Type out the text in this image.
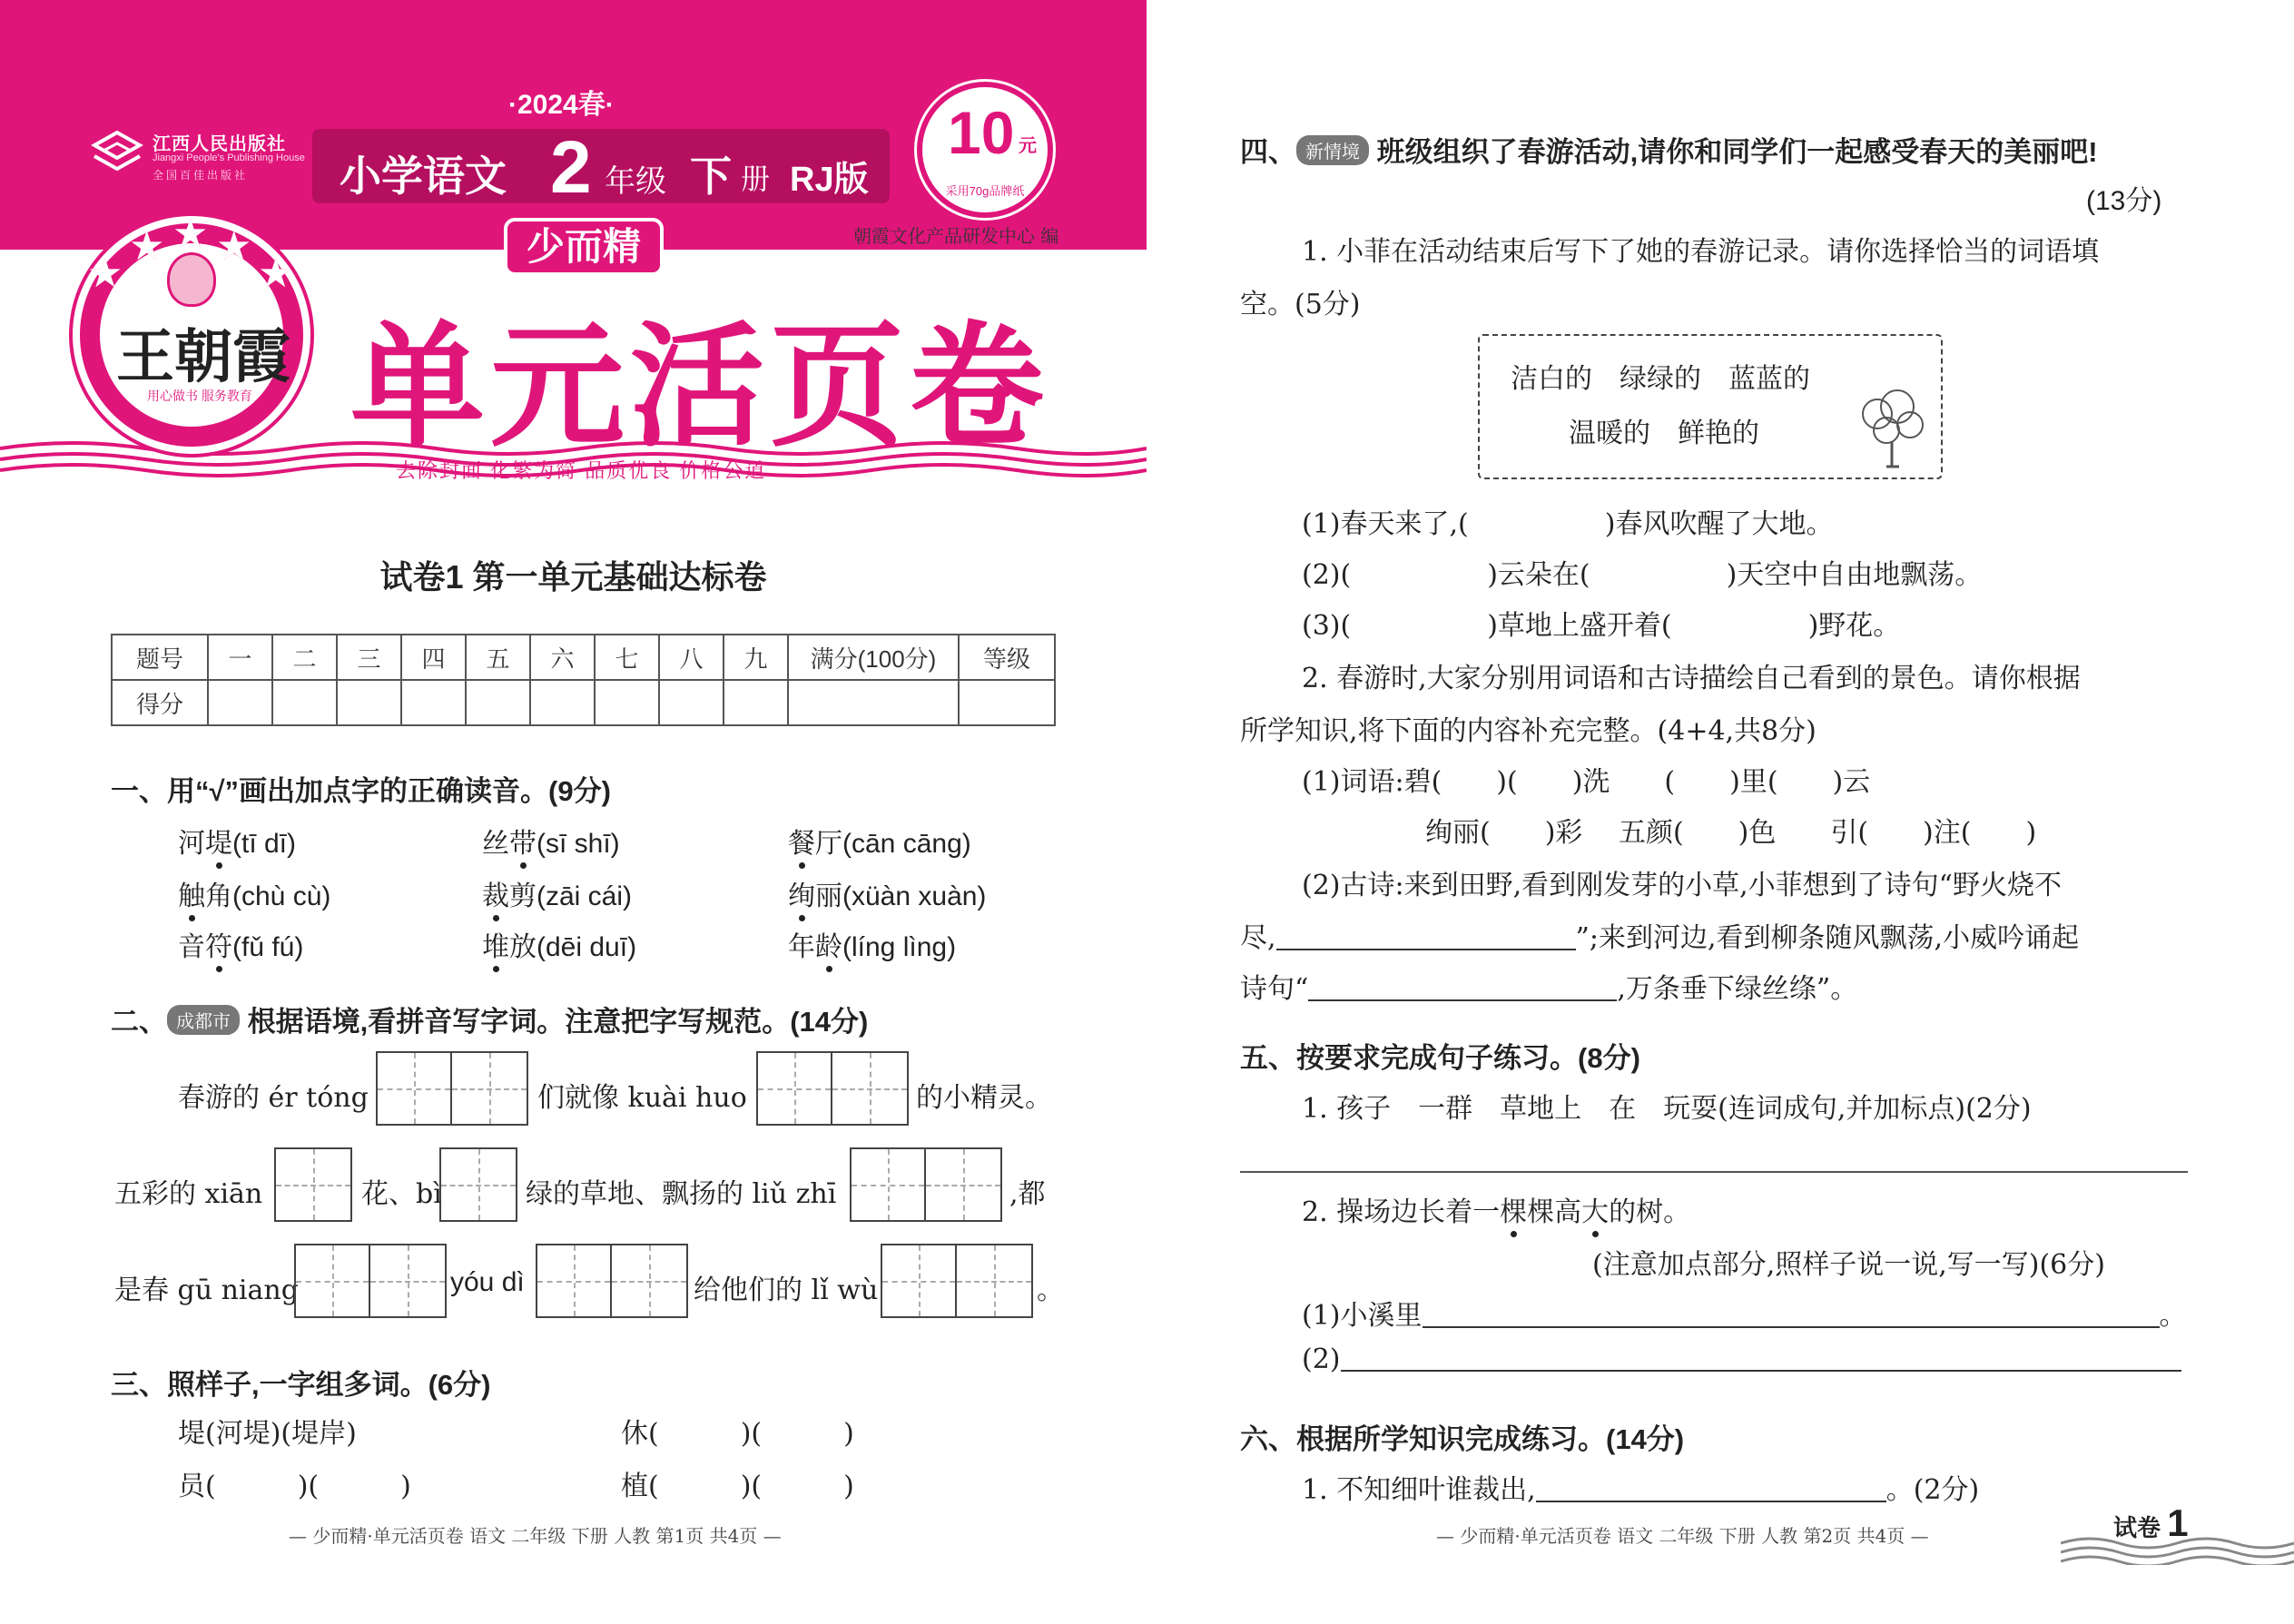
江西人民出版社
Jiangxi People's Publishing House
全国百佳出版社
·2024春·
小学语文 2 年级 下 册 RJ版
10 元
采用70g品牌纸
少而精	朝霞文化产品研发中心 编
单元活页卷
去除封面 化繁为简 品质优良 价格公道
王朝霞
用心做书 服务教育
★
★ ★ ★
★
试卷1 第一单元基础达标卷
题号	一	二	三	四	五	六	七	八	九	满分(100分)	等级
得分											
一、用“√”画出加点字的正确读音。(9分)
河堤(tī dī)	丝带(sī shī)	餐厅(cān cāng)
触角(chù cù)	裁剪(zāi cái)	绚丽(xüàn xuàn)
音符(fǔ fú)	堆放(dēi duī)	年龄(líng lìng)
二、 成都市 根据语境,看拼音写字词。注意把字写规范。(14分)
春游的 ér tóng	们就像 kuài huo	的小精灵。
五彩的 xiān	花、bì	绿的草地、飘扬的 liǔ zhī	,都
是春 gū niang	yóu dì	给他们的 lǐ wù	。
三、照样子,一字组多词。(6分)
堤(河堤)(堤岸)	休(　　　)(　　　)
员(　　　)(　　　)	植(　　　)(　　　)
— 少而精·单元活页卷 语文 二年级 下册 人教 第1页 共4页 —
四、 新情境 班级组织了春游活动,请你和同学们一起感受春天的美丽吧!
(13分)
1. 小菲在活动结束后写下了她的春游记录。请你选择恰当的词语填
空。(5分)
洁白的　绿绿的　蓝蓝的
温暖的　鲜艳的
(1)春天来了,(　　　　　)春风吹醒了大地。
(2)(　　　　　)云朵在(　　　　　)天空中自由地飘荡。
(3)(　　　　　)草地上盛开着(　　　　　)野花。
2. 春游时,大家分别用词语和古诗描绘自己看到的景色。请你根据
所学知识,将下面的内容补充完整。(4+4,共8分)
(1)词语:碧(　　)(　　)洗　　(　　)里(　　)云
绚丽(　　)彩　 五颜(　　)色　　引(　　)注(　　)
(2)古诗:来到田野,看到刚发芽的小草,小菲想到了诗句“野火烧不
尽,	”;来到河边,看到柳条随风飘荡,小威吟诵起
诗句“	,万条垂下绿丝绦”。
五、按要求完成句子练习。(8分)
1. 孩子　一群　草地上　在　玩耍(连词成句,并加标点)(2分)
2. 操场边长着一棵棵高大的树。
(注意加点部分,照样子说一说,写一写)(6分)
(1)小溪里	。
(2)
六、根据所学知识完成练习。(14分)
1. 不知细叶谁裁出,	。(2分)
— 少而精·单元活页卷 语文 二年级 下册 人教 第2页 共4页 —	试卷 1
